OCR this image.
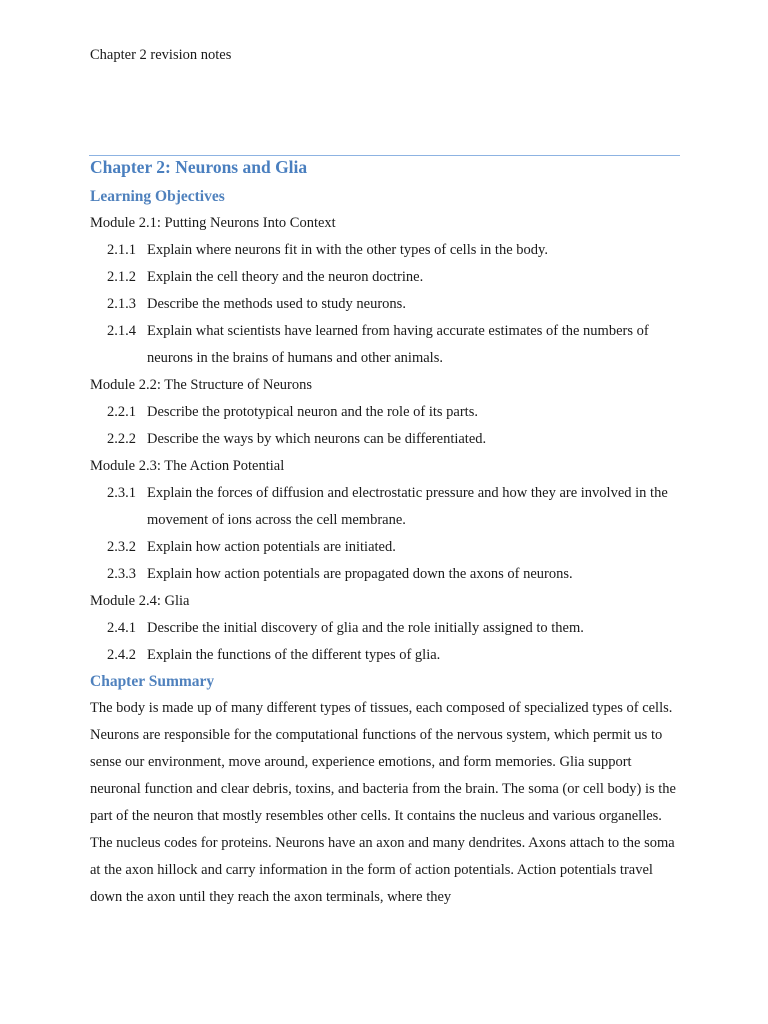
Chapter 2 revision notes
Chapter 2: Neurons and Glia
Learning Objectives
Module 2.1: Putting Neurons Into Context
2.1.1 Explain where neurons fit in with the other types of cells in the body.
2.1.2 Explain the cell theory and the neuron doctrine.
2.1.3 Describe the methods used to study neurons.
2.1.4 Explain what scientists have learned from having accurate estimates of the numbers of neurons in the brains of humans and other animals.
Module 2.2: The Structure of Neurons
2.2.1 Describe the prototypical neuron and the role of its parts.
2.2.2 Describe the ways by which neurons can be differentiated.
Module 2.3: The Action Potential
2.3.1 Explain the forces of diffusion and electrostatic pressure and how they are involved in the movement of ions across the cell membrane.
2.3.2 Explain how action potentials are initiated.
2.3.3 Explain how action potentials are propagated down the axons of neurons.
Module 2.4: Glia
2.4.1 Describe the initial discovery of glia and the role initially assigned to them.
2.4.2 Explain the functions of the different types of glia.
Chapter Summary

The body is made up of many different types of tissues, each composed of specialized types of cells. Neurons are responsible for the computational functions of the nervous system, which permit us to sense our environment, move around, experience emotions, and form memories. Glia support neuronal function and clear debris, toxins, and bacteria from the brain. The soma (or cell body) is the part of the neuron that mostly resembles other cells. It contains the nucleus and various organelles. The nucleus codes for proteins. Neurons have an axon and many dendrites. Axons attach to the soma at the axon hillock and carry information in the form of action potentials. Action potentials travel down the axon until they reach the axon terminals, where they
